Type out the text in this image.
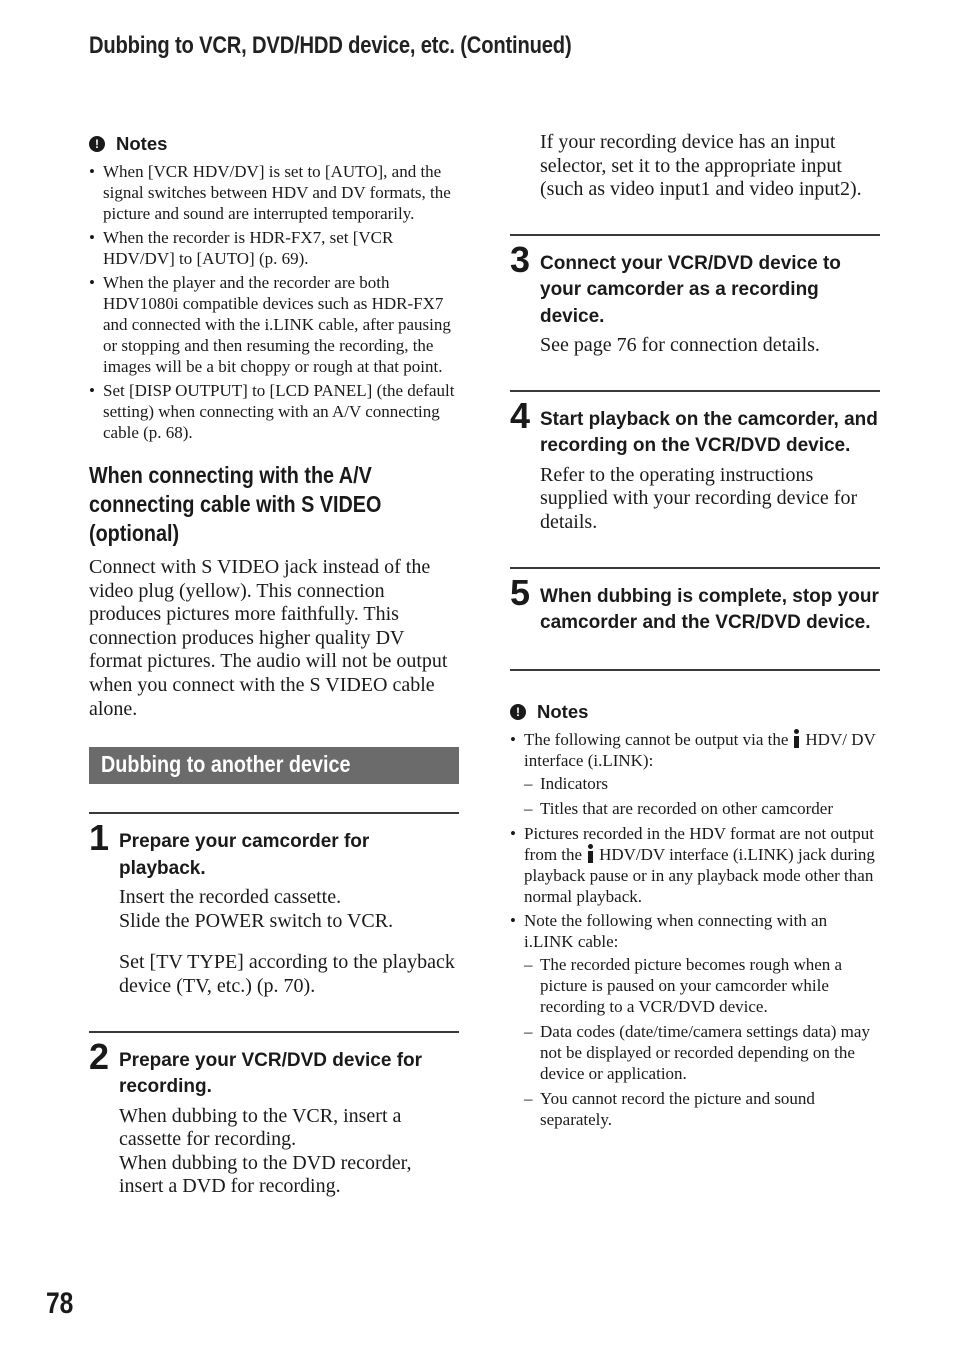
Dubbing to VCR, DVD/HDD device, etc. (Continued)
! Notes
• When [VCR HDV/DV] is set to [AUTO], and the signal switches between HDV and DV formats, the picture and sound are interrupted temporarily.
• When the recorder is HDR-FX7, set [VCR HDV/DV] to [AUTO] (p. 69).
• When the player and the recorder are both HDV1080i compatible devices such as HDR-FX7 and connected with the i.LINK cable, after pausing or stopping and then resuming the recording, the images will be a bit choppy or rough at that point.
• Set [DISP OUTPUT] to [LCD PANEL] (the default setting) when connecting with an A/V connecting cable (p. 68).
When connecting with the A/V connecting cable with S VIDEO (optional)
Connect with S VIDEO jack instead of the video plug (yellow). This connection produces pictures more faithfully. This connection produces higher quality DV format pictures. The audio will not be output when you connect with the S VIDEO cable alone.
Dubbing to another device
1 Prepare your camcorder for playback.
Insert the recorded cassette.
Slide the POWER switch to VCR.
Set [TV TYPE] according to the playback device (TV, etc.) (p. 70).
2 Prepare your VCR/DVD device for recording.
When dubbing to the VCR, insert a cassette for recording.
When dubbing to the DVD recorder, insert a DVD for recording.
If your recording device has an input selector, set it to the appropriate input (such as video input1 and video input2).
3 Connect your VCR/DVD device to your camcorder as a recording device.
See page 76 for connection details.
4 Start playback on the camcorder, and recording on the VCR/DVD device.
Refer to the operating instructions supplied with your recording device for details.
5 When dubbing is complete, stop your camcorder and the VCR/DVD device.
! Notes
• The following cannot be output via the HDV/ DV interface (i.LINK):
– Indicators
– Titles that are recorded on other camcorder
• Pictures recorded in the HDV format are not output from the HDV/DV interface (i.LINK) jack during playback pause or in any playback mode other than normal playback.
• Note the following when connecting with an i.LINK cable:
– The recorded picture becomes rough when a picture is paused on your camcorder while recording to a VCR/DVD device.
– Data codes (date/time/camera settings data) may not be displayed or recorded depending on the device or application.
– You cannot record the picture and sound separately.
78
